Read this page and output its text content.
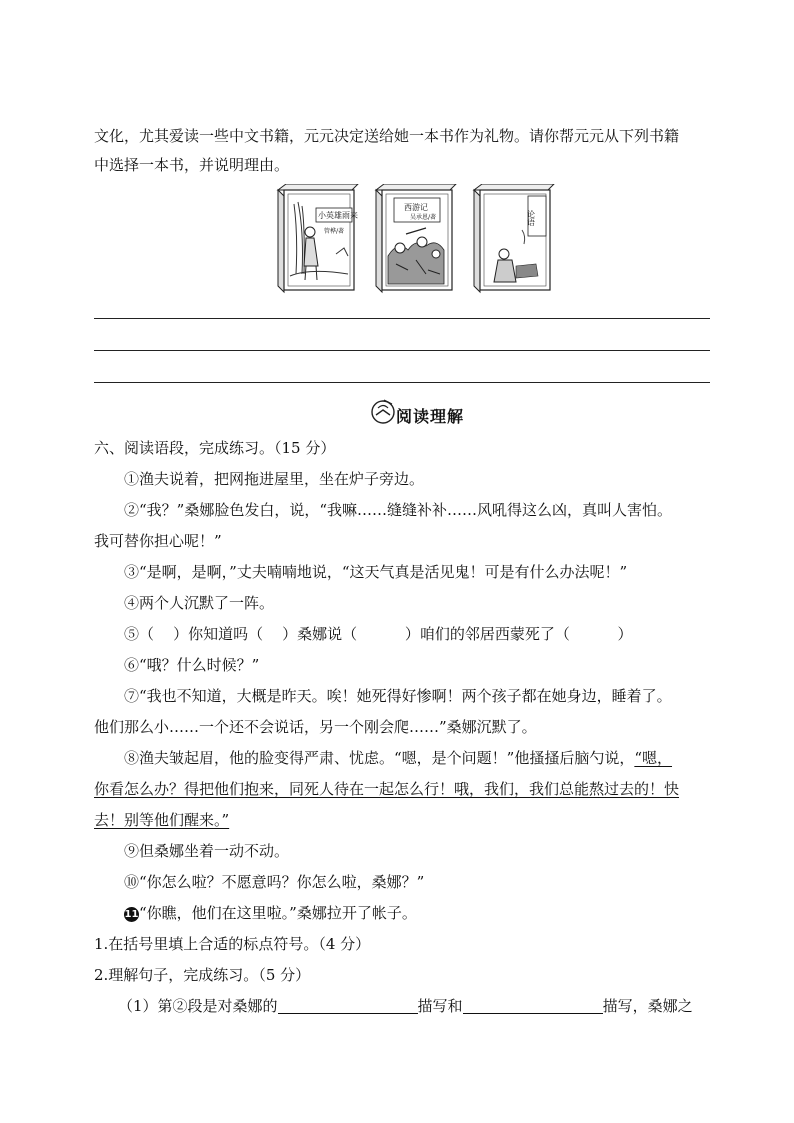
文化，尤其爱读一些中文书籍，元元决定送给她一本书作为礼物。请你帮元元从下列书籍
中选择一本书，并说明理由。
小英雄雨来
管桦/著
西游记
吴承恩/著	论语
阅读理解
六、阅读语段，完成练习。（15 分）
①渔夫说着，把网拖进屋里，坐在炉子旁边。
②“我？”桑娜脸色发白，说，“我嘛……缝缝补补……风吼得这么凶，真叫人害怕。
我可替你担心呢！”
③“是啊，是啊，”丈夫喃喃地说，“这天气真是活见鬼！可是有什么办法呢！”
④两个人沉默了一阵。
⑤（    ）你知道吗（    ）桑娜说（          ）咱们的邻居西蒙死了（          ）
⑥“哦？什么时候？”
⑦“我也不知道，大概是昨天。唉！她死得好惨啊！两个孩子都在她身边，睡着了。
他们那么小……一个还不会说话，另一个刚会爬……”桑娜沉默了。
⑧渔夫皱起眉，他的脸变得严肃、忧虑。“嗯，是个问题！”他搔搔后脑勺说，“嗯，
你看怎么办？得把他们抱来，同死人待在一起怎么行！哦，我们，我们总能熬过去的！快
去！别等他们醒来。”
⑨但桑娜坐着一动不动。
⑩“你怎么啦？不愿意吗？你怎么啦，桑娜？”
11“你瞧，他们在这里啦。”桑娜拉开了帐子。
1.在括号里填上合适的标点符号。（4 分）
2.理解句子，完成练习。（5 分）
（1）第②段是对桑娜的	描写和	描写，桑娜之
